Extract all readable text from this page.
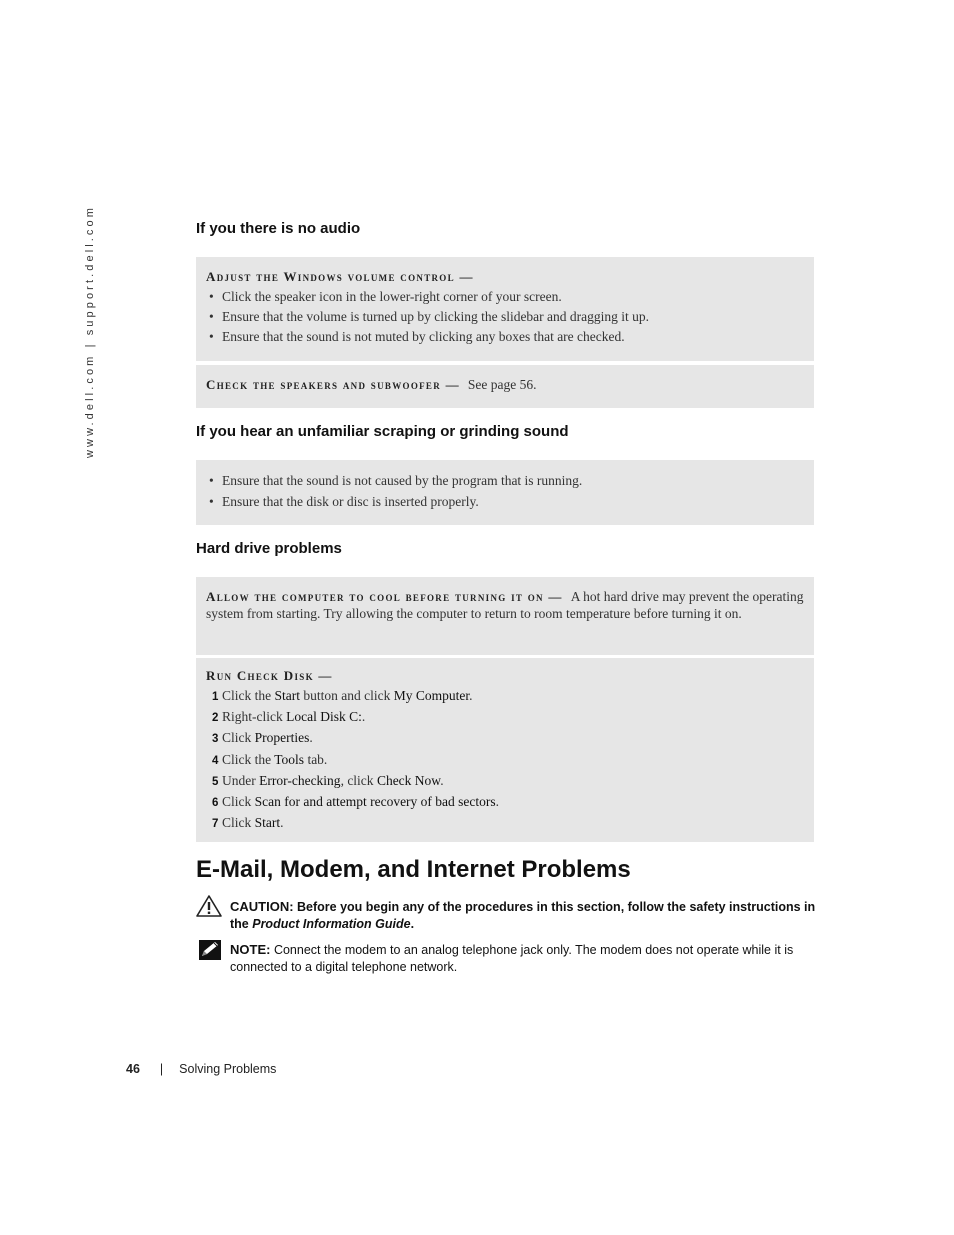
www.dell.com | support.dell.com	If you there is no audio
Adjust the Windows volume control —
• Click the speaker icon in the lower-right corner of your screen.
• Ensure that the volume is turned up by clicking the slidebar and dragging it up.
• Ensure that the sound is not muted by clicking any boxes that are checked.
Check the speakers and subwoofer — See page 56.
If you hear an unfamiliar scraping or grinding sound
• Ensure that the sound is not caused by the program that is running.
• Ensure that the disk or disc is inserted properly.
Hard drive problems
Allow the computer to cool before turning it on — A hot hard drive may prevent the operating system from starting. Try allowing the computer to return to room temperature before turning it on.
Run Check Disk —
1 Click the Start button and click My Computer.
2 Right-click Local Disk C:.
3 Click Properties.
4 Click the Tools tab.
5 Under Error-checking, click Check Now.
6 Click Scan for and attempt recovery of bad sectors.
7 Click Start.
E-Mail, Modem, and Internet Problems
CAUTION: Before you begin any of the procedures in this section, follow the safety instructions in the Product Information Guide.
NOTE: Connect the modem to an analog telephone jack only. The modem does not operate while it is connected to a digital telephone network.
46 | Solving Problems
